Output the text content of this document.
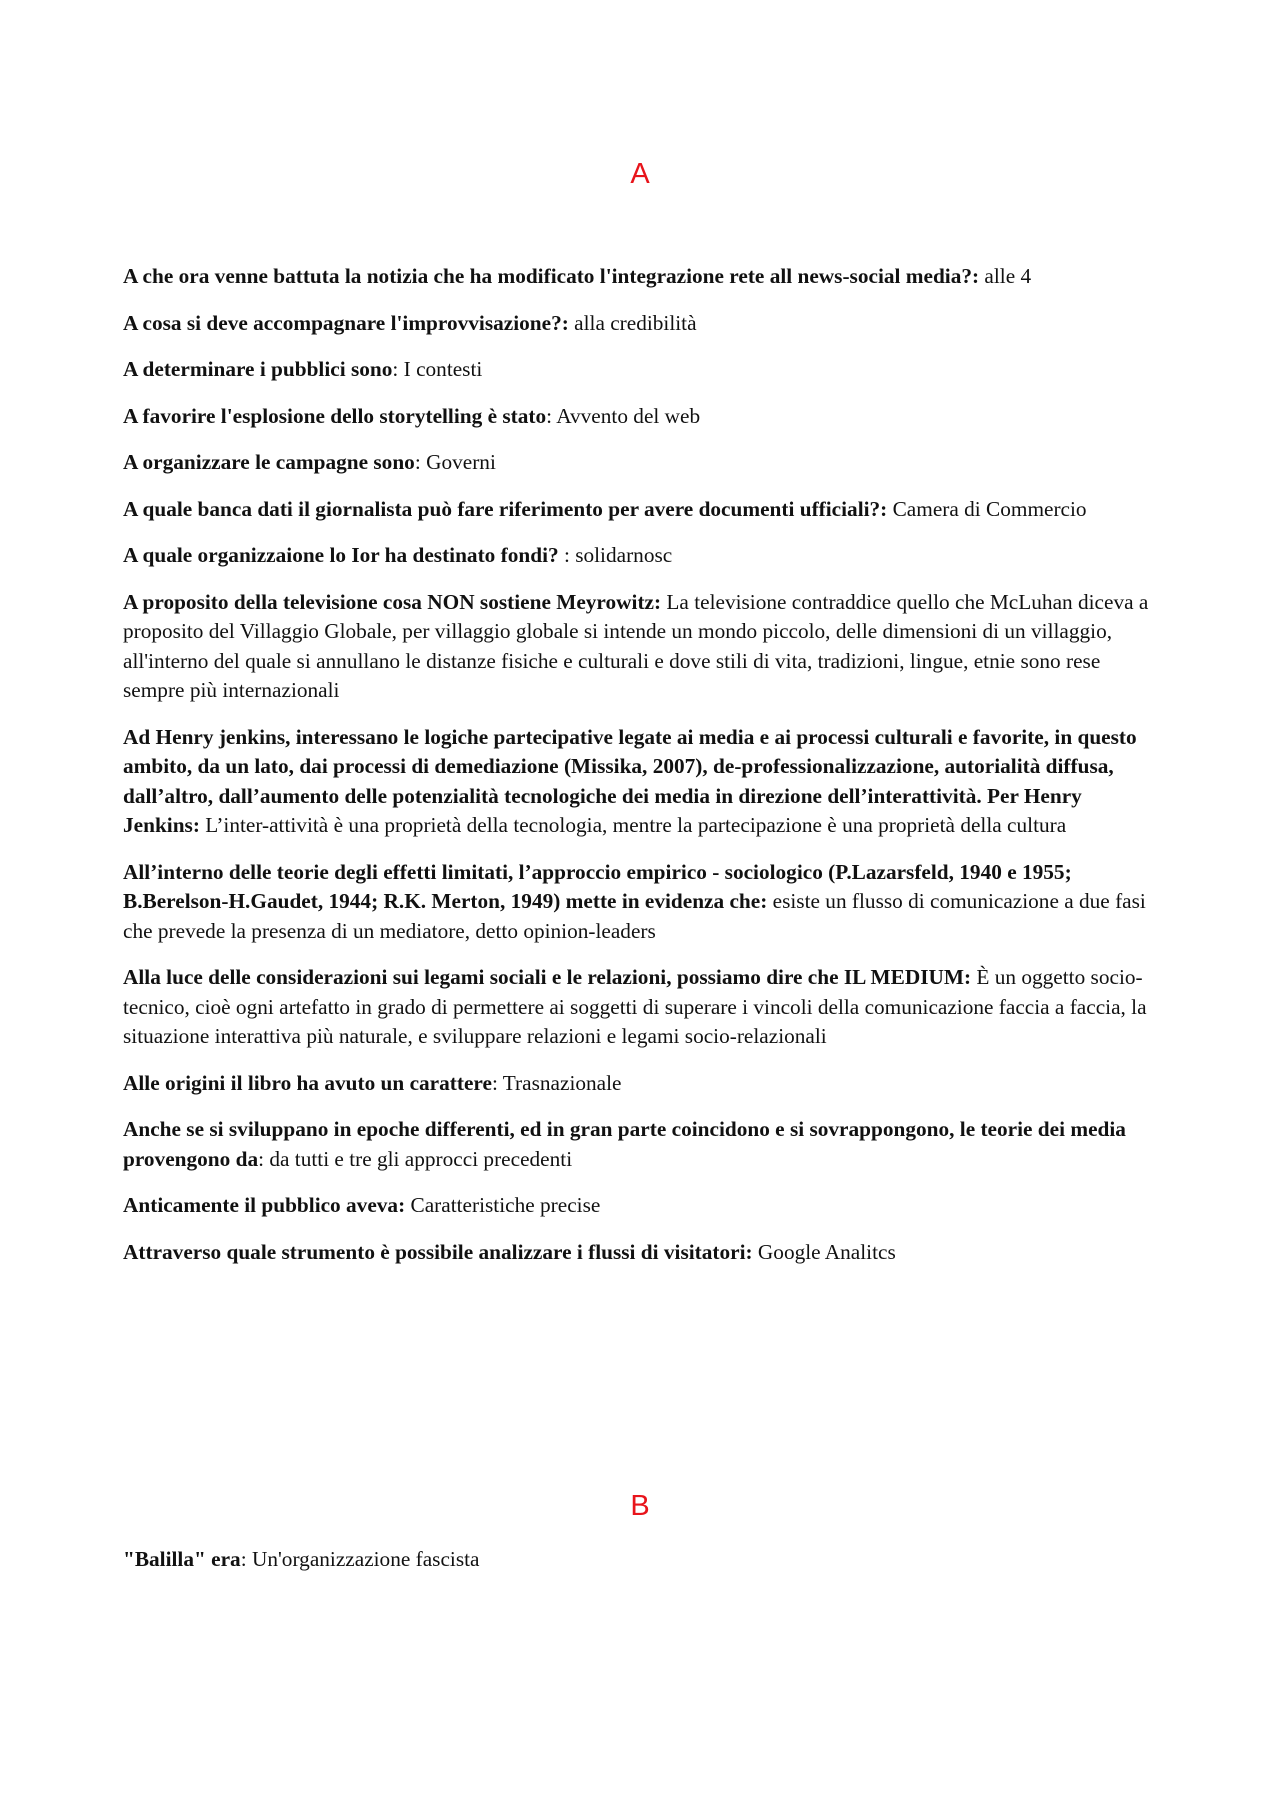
A

A che ora venne battuta la notizia che ha modificato l'integrazione rete all news-social media?: alle 4

A cosa si deve accompagnare l'improvvisazione?: alla credibilità

A determinare i pubblici sono: I contesti

A favorire l'esplosione dello storytelling è stato: Avvento del web

A organizzare le campagne sono: Governi

A quale banca dati il giornalista può fare riferimento per avere documenti ufficiali?: Camera di Commercio

A quale organizzaione lo Ior ha destinato fondi? : solidarnosc

A proposito della televisione cosa NON sostiene Meyrowitz: La televisione contraddice quello che McLuhan diceva a proposito del Villaggio Globale, per villaggio globale si intende un mondo piccolo, delle dimensioni di un villaggio, all'interno del quale si annullano le distanze fisiche e culturali e dove stili di vita, tradizioni, lingue, etnie sono rese sempre più internazionali

Ad Henry jenkins, interessano le logiche partecipative legate ai media e ai processi culturali e favorite, in questo ambito, da un lato, dai processi di demediazione (Missika, 2007), de-professionalizzazione, autorialità diffusa, dall’altro, dall’aumento delle potenzialità tecnologiche dei media in direzione dell’interattività. Per Henry Jenkins: L’inter-attività è una proprietà della tecnologia, mentre la partecipazione è una proprietà della cultura

All’interno delle teorie degli effetti limitati, l’approccio empirico - sociologico (P.Lazarsfeld, 1940 e 1955; B.Berelson-H.Gaudet, 1944; R.K. Merton, 1949) mette in evidenza che: esiste un flusso di comunicazione a due fasi che prevede la presenza di un mediatore, detto opinion-leaders

Alla luce delle considerazioni sui legami sociali e le relazioni, possiamo dire che IL MEDIUM: È un oggetto socio-tecnico, cioè ogni artefatto in grado di permettere ai soggetti di superare i vincoli della comunicazione faccia a faccia, la situazione interattiva più naturale, e sviluppare relazioni e legami socio-relazionali

Alle origini il libro ha avuto un carattere: Trasnazionale

Anche se si sviluppano in epoche differenti, ed in gran parte coincidono e si sovrappongono, le teorie dei media provengono da: da tutti e tre gli approcci precedenti

Anticamente il pubblico aveva: Caratteristiche precise

Attraverso quale strumento è possibile analizzare i flussi di visitatori: Google Analitcs

B

"Balilla" era: Un'organizzazione fascista
